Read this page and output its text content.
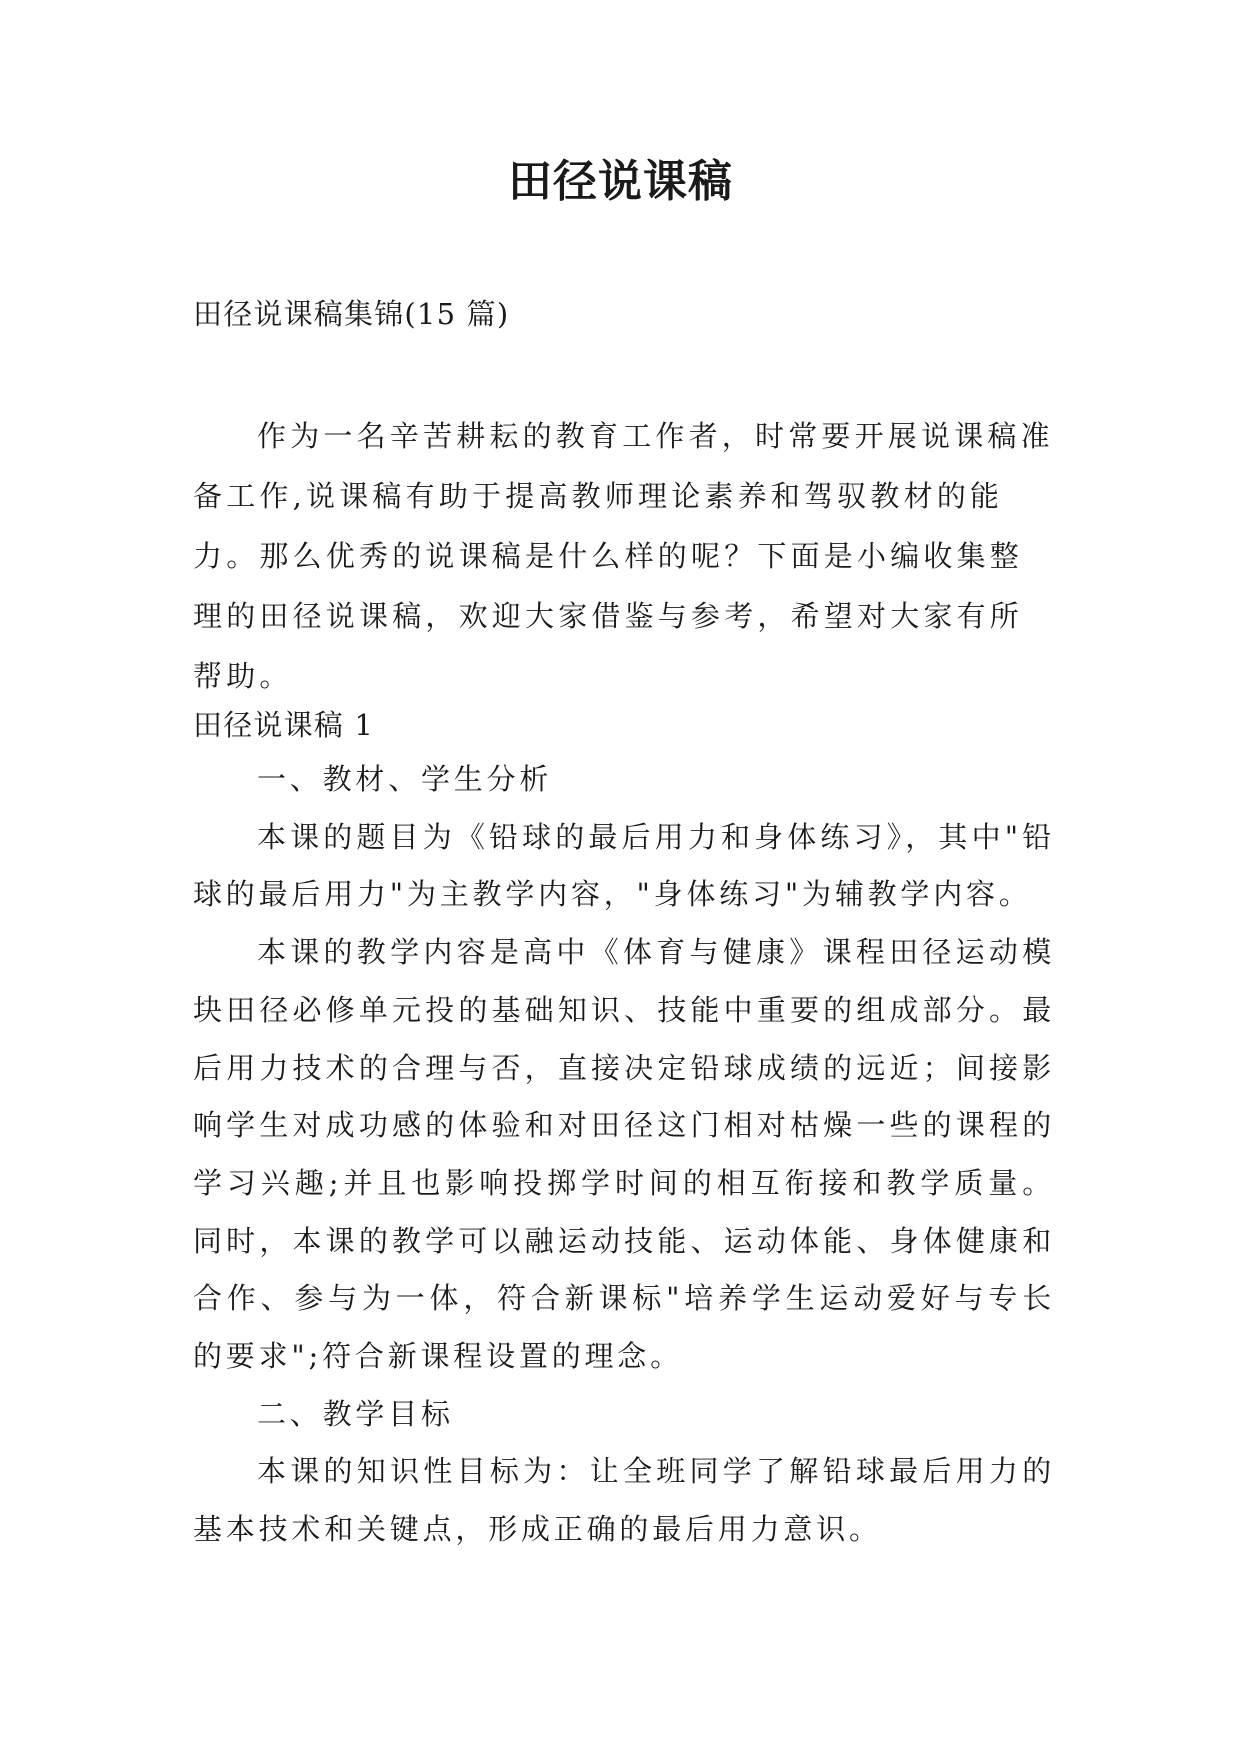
田径说课稿
田径说课稿集锦(15 篇)
作为一名辛苦耕耘的教育工作者，时常要开展说课稿准备工作,说课稿有助于提高教师理论素养和驾驭教材的能力。那么优秀的说课稿是什么样的呢？下面是小编收集整理的田径说课稿，欢迎大家借鉴与参考，希望对大家有所帮助。
田径说课稿 1

一、教材、学生分析

本课的题目为《铅球的最后用力和身体练习》，其中"铅球的最后用力"为主教学内容，"身体练习"为辅教学内容。

本课的教学内容是高中《体育与健康》课程田径运动模块田径必修单元投的基础知识、技能中重要的组成部分。最后用力技术的合理与否，直接决定铅球成绩的远近；间接影响学生对成功感的体验和对田径这门相对枯燥一些的课程的学习兴趣;并且也影响投掷学时间的相互衔接和教学质量。同时，本课的教学可以融运动技能、运动体能、身体健康和合作、参与为一体，符合新课标"培养学生运动爱好与专长的要求";符合新课程设置的理念。

二、教学目标

本课的知识性目标为：让全班同学了解铅球最后用力的基本技术和关键点，形成正确的最后用力意识。
